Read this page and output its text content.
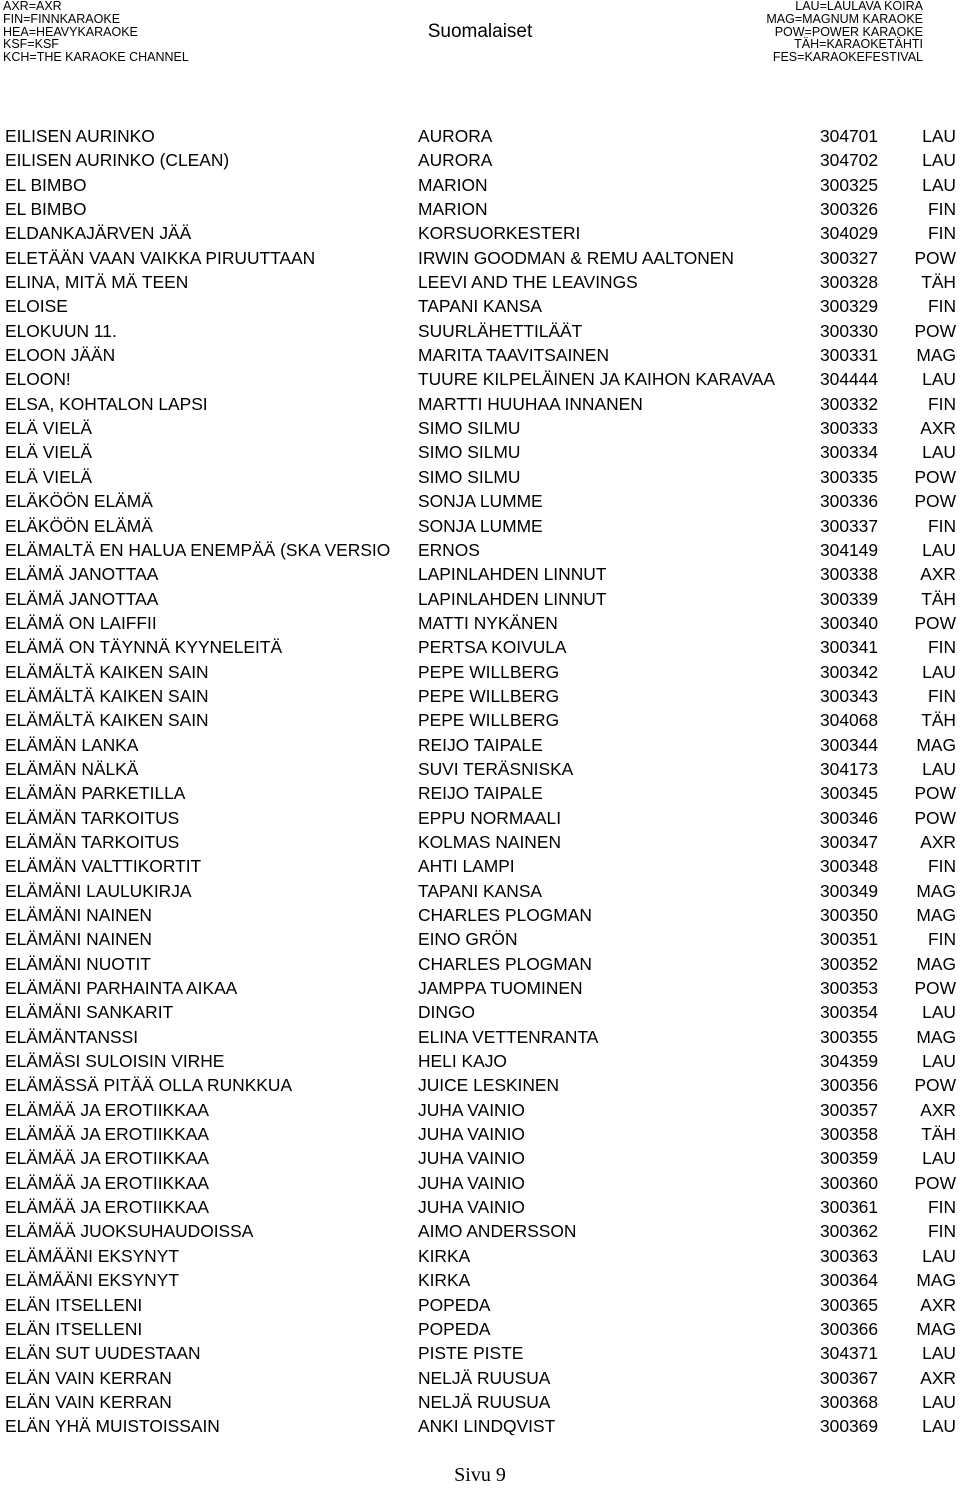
AXR=AXR
FIN=FINNKARAOKE
HEA=HEAVYKARAOKE
KSF=KSF
KCH=THE KARAOKE CHANNEL
Suomalaiset
LAU=LAULAVA KOIRA
MAG=MAGNUM KARAOKE
POW=POWER KARAOKE
TÄH=KARAOKETÄHTI
FES=KARAOKEFESTIVAL
EILISEN AURINKO	AURORA	304701	LAU
EILISEN AURINKO (CLEAN)	AURORA	304702	LAU
EL BIMBO	MARION	300325	LAU
EL BIMBO	MARION	300326	FIN
ELDANKAJÄRVEN JÄÄ	KORSUORKESTERI	304029	FIN
ELETÄÄN VAAN VAIKKA PIRUUTTAAN	IRWIN GOODMAN & REMU AALTONEN	300327 POW
ELINA, MITÄ MÄ TEEN	LEEVI AND THE LEAVINGS	300328 TÄH
ELOISE	TAPANI KANSA	300329	FIN
ELOKUUN 11.	SUURLÄHETTILÄÄT	300330 POW
ELOON JÄÄN	MARITA TAAVITSAINEN	300331 MAG
ELOON!	TUURE KILPELÄINEN JA KAIHON KARAVAA	304444	LAU
ELSA, KOHTALON LAPSI	MARTTI HUUHAA INNANEN	300332	FIN
ELÄ VIELÄ	SIMO SILMU	300333 AXR
ELÄ VIELÄ	SIMO SILMU	300334	LAU
ELÄ VIELÄ	SIMO SILMU	300335 POW
ELÄKÖÖN ELÄMÄ	SONJA LUMME	300336 POW
ELÄKÖÖN ELÄMÄ	SONJA LUMME	300337	FIN
ELÄMALTÄ EN HALUA ENEMPÄÄ (SKA VERSIO	ERNOS	304149	LAU
ELÄMÄ JANOTTAA	LAPINLAHDEN LINNUT	300338 AXR
ELÄMÄ JANOTTAA	LAPINLAHDEN LINNUT	300339 TÄH
ELÄMÄ ON LAIFFII	MATTI NYKÄNEN	300340 POW
ELÄMÄ ON TÄYNNÄ KYYNELEITÄ	PERTSA KOIVULA	300341	FIN
ELÄMÄLTÄ KAIKEN SAIN	PEPE WILLBERG	300342	LAU
ELÄMÄLTÄ KAIKEN SAIN	PEPE WILLBERG	300343	FIN
ELÄMÄLTÄ KAIKEN SAIN	PEPE WILLBERG	304068 TÄH
ELÄMÄN LANKA	REIJO TAIPALE	300344 MAG
ELÄMÄN NÄLKÄ	SUVI TERÄSNISKA	304173	LAU
ELÄMÄN PARKETILLA	REIJO TAIPALE	300345 POW
ELÄMÄN TARKOITUS	EPPU NORMAALI	300346 POW
ELÄMÄN TARKOITUS	KOLMAS NAINEN	300347 AXR
ELÄMÄN VALTTIKORTIT	AHTI LAMPI	300348	FIN
ELÄMÄNI LAULUKIRJA	TAPANI KANSA	300349 MAG
ELÄMÄNI NAINEN	CHARLES PLOGMAN	300350 MAG
ELÄMÄNI NAINEN	EINO GRÖN	300351	FIN
ELÄMÄNI NUOTIT	CHARLES PLOGMAN	300352 MAG
ELÄMÄNI PARHAINTA AIKAA	JAMPPA TUOMINEN	300353 POW
ELÄMÄNI SANKARIT	DINGO	300354	LAU
ELÄMÄNTANSSI	ELINA VETTENRANTA	300355 MAG
ELÄMÄSI SULOISIN VIRHE	HELI KAJO	304359	LAU
ELÄMÄSSÄ PITÄÄ OLLA RUNKKUA	JUICE LESKINEN	300356 POW
ELÄMÄÄ JA EROTIIKKAA	JUHA VAINIO	300357 AXR
ELÄMÄÄ JA EROTIIKKAA	JUHA VAINIO	300358 TÄH
ELÄMÄÄ JA EROTIIKKAA	JUHA VAINIO	300359	LAU
ELÄMÄÄ JA EROTIIKKAA	JUHA VAINIO	300360 POW
ELÄMÄÄ JA EROTIIKKAA	JUHA VAINIO	300361	FIN
ELÄMÄÄ JUOKSUHAUDOISSA	AIMO ANDERSSON	300362	FIN
ELÄMÄÄNI EKSYNYT	KIRKA	300363	LAU
ELÄMÄÄNI EKSYNYT	KIRKA	300364 MAG
ELÄN ITSELLENI	POPEDA	300365 AXR
ELÄN ITSELLENI	POPEDA	300366 MAG
ELÄN SUT UUDESTAAN	PISTE PISTE	304371	LAU
ELÄN VAIN KERRAN	NELJÄ RUUSUA	300367 AXR
ELÄN VAIN KERRAN	NELJÄ RUUSUA	300368	LAU
ELÄN YHÄ MUISTOISSAIN	ANKI LINDQVIST	300369	LAU
Sivu 9
